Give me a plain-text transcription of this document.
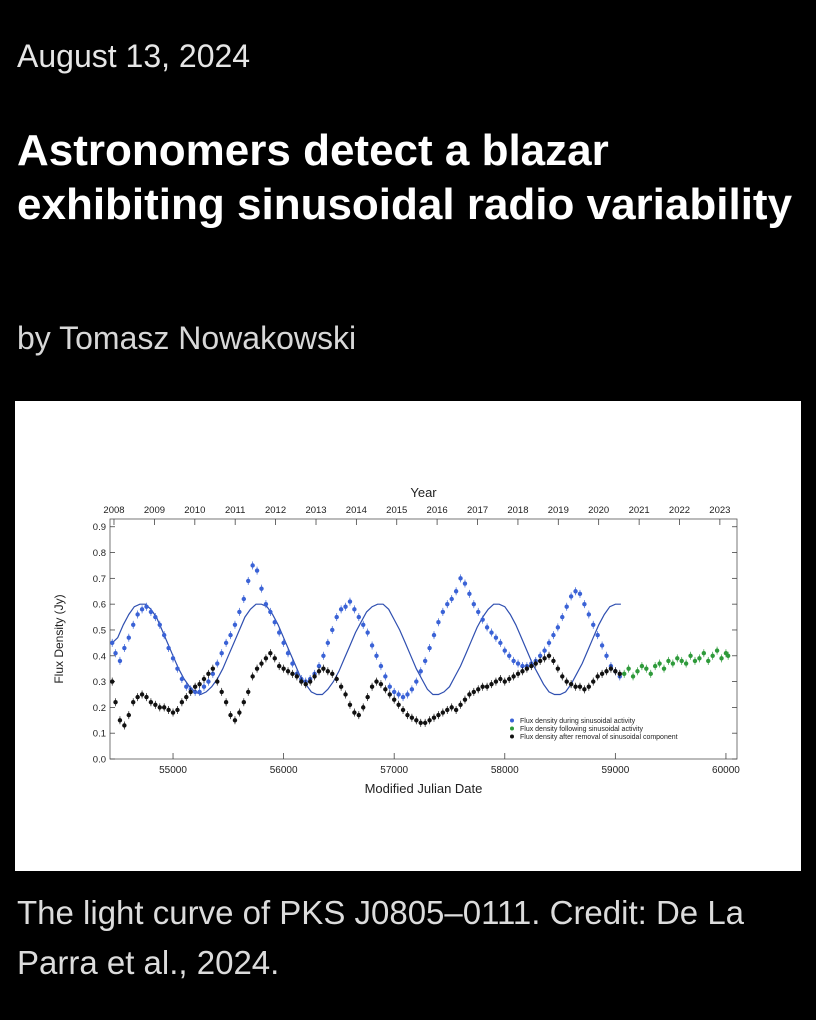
August 13, 2024
Astronomers detect a blazar exhibiting sinusoidal radio variability
by Tomasz Nowakowski
55000	56000	57000	58000	59000	60000
0.0
0.1
0.2
0.3
0.4
0.5
0.6
0.7
0.8
0.9
2008 2009 2010 2011 2012 2013 2014 2015 2016 2017 2018 2019 2020 2021 2022 2023
Modified Julian Date
Year
Flux Density (Jy)
Flux density during sinusoidal activity
Flux density following sinusoidal activity
Flux density after removal of sinusoidal component

The light curve of PKS J0805–0111. Credit: De La Parra et al., 2024.
